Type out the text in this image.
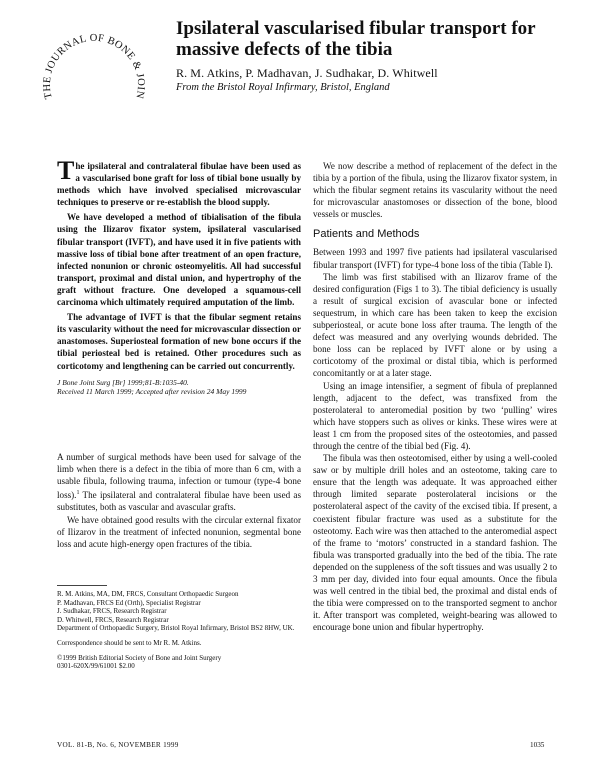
THE JOURNAL OF BONE & JOIN
Ipsilateral vascularised fibular transport for
massive defects of the tibia
R. M. Atkins, P. Madhavan, J. Sudhakar, D. Whitwell
From the Bristol Royal Infirmary, Bristol, England

The ipsilateral and contralateral fibulae have been used as a vascularised bone graft for loss of tibial bone usually by methods which have involved specialised microvascular techniques to preserve or re-establish the blood supply.

We have developed a method of tibialisation of the fibula using the Ilizarov fixator system, ipsilateral vascularised fibular transport (IVFT), and have used it in five patients with massive loss of tibial bone after treatment of an open fracture, infected nonunion or chronic osteomyelitis. All had successful transport, proximal and distal union, and hypertrophy of the graft without fracture. One developed a squamous-cell carcinoma which ultimately required amputation of the limb.

The advantage of IVFT is that the fibular segment retains its vascularity without the need for microvascular dissection or anastomoses. Superiosteal formation of new bone occurs if the tibial periosteal bed is retained. Other procedures such as corticotomy and lengthening can be carried out concurrently.

J Bone Joint Surg [Br] 1999;81-B:1035-40.
Received 11 March 1999; Accepted after revision 24 May 1999

A number of surgical methods have been used for salvage of the limb when there is a defect in the tibia of more than 6 cm, with a usable fibula, following trauma, infection or tumour (type-4 bone loss).$^1$ The ipsilateral and contralateral fibulae have been used as substitutes, both as vascular and avascular grafts.

We have obtained good results with the circular external fixator of Ilizarov in the treatment of infected nonunion, segmental bone loss and acute high-energy open fractures of the tibia.

R. M. Atkins, MA, DM, FRCS, Consultant Orthopaedic Surgeon
P. Madhavan, FRCS Ed (Orth), Specialist Registrar
J. Sudhakar, FRCS, Research Registrar
D. Whitwell, FRCS, Research Registrar
Department of Orthopaedic Surgery, Bristol Royal Infirmary, Bristol BS2 8HW, UK.
Correspondence should be sent to Mr R. M. Atkins.
©1999 British Editorial Society of Bone and Joint Surgery
0301-620X/99/61001 $2.00

We now describe a method of replacement of the defect in the tibia by a portion of the fibula, using the Ilizarov fixator system, in which the fibular segment retains its vascularity without the need for microvascular anastomoses or dissection of the bone, blood vessels or muscles.

Patients and Methods

Between 1993 and 1997 five patients had ipsilateral vascularised fibular transport (IVFT) for type-4 bone loss of the tibia (Table I).

The limb was first stabilised with an Ilizarov frame of the desired configuration (Figs 1 to 3). The tibial deficiency is usually a result of surgical excision of avascular bone or infected sequestrum, in which care has been taken to keep the excision subperiosteal, or acute bone loss after trauma. The length of the defect was measured and any overlying wounds debrided. The bone loss can be replaced by IVFT alone or by using a corticotomy of the proximal or distal tibia, which is performed concomitantly or at a later stage.

Using an image intensifier, a segment of fibula of preplanned length, adjacent to the defect, was transfixed from the posterolateral to anteromedial position by two ‘pulling’ wires which have stoppers such as olives or kinks. These wires were at least 1 cm from the proposed sites of the osteotomies, and passed through the centre of the tibial bed (Fig. 4).

The fibula was then osteotomised, either by using a well-cooled saw or by multiple drill holes and an osteotome, taking care to ensure that the length was adequate. It was approached either through limited separate posterolateral incisions or the posterolateral aspect of the cavity of the excised tibia. If present, a coexistent fibular fracture was used as a substitute for the osteotomy. Each wire was then attached to the anteromedial aspect of the frame to ‘motors’ constructed in a standard fashion. The fibula was transported gradually into the bed of the tibia. The rate depended on the suppleness of the soft tissues and was usually 2 to 3 mm per day, divided into four equal amounts. Once the fibula was well centred in the tibial bed, the proximal and distal ends of the tibia were compressed on to the transported segment to anchor it. After transport was completed, weight-bearing was allowed to encourage bone union and fibular hypertrophy.

VOL. 81-B, No. 6, NOVEMBER 1999	1035
